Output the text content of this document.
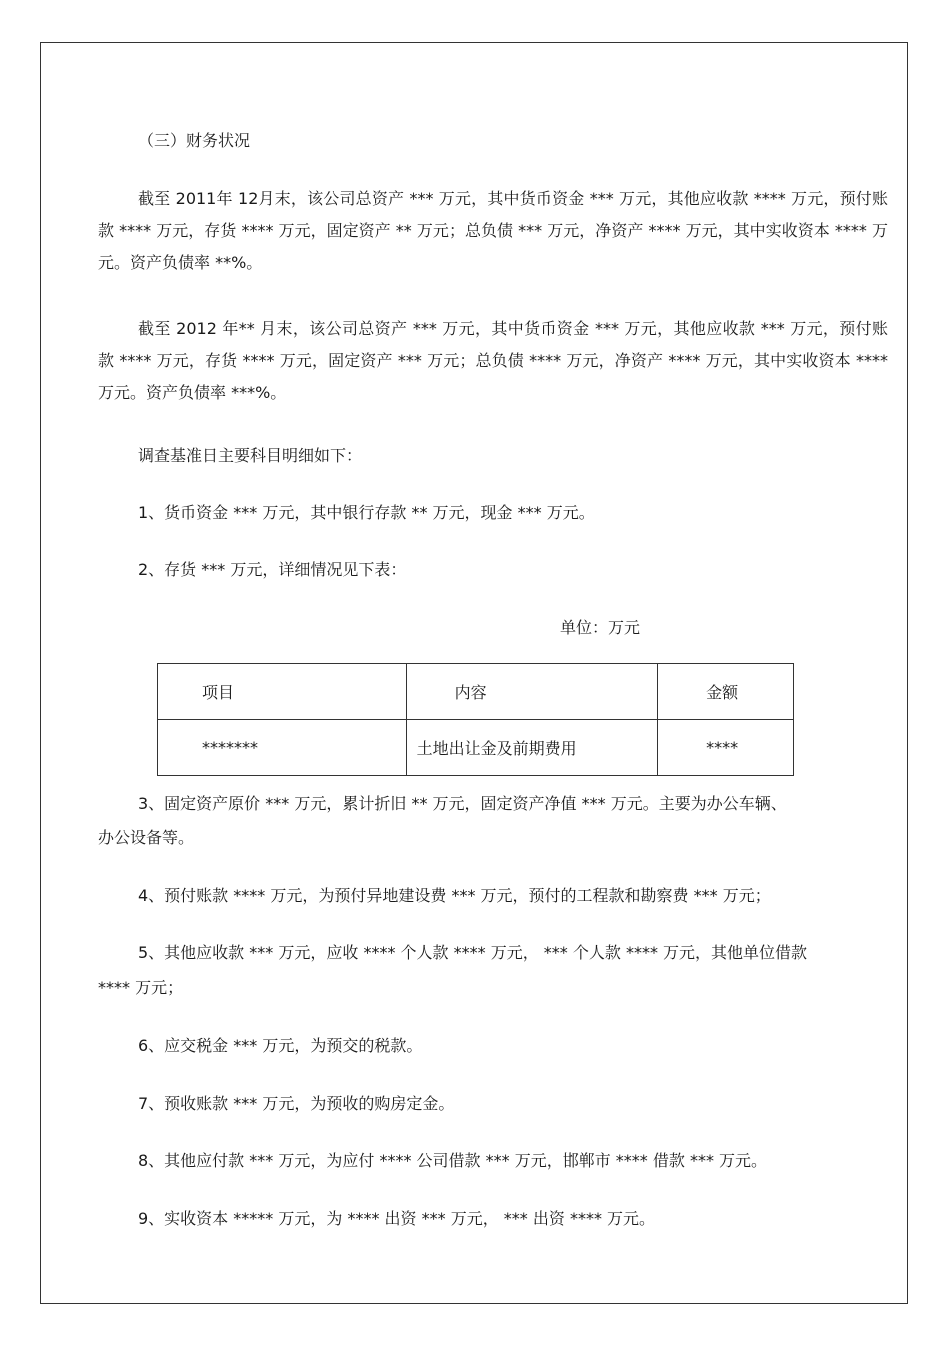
（三）财务状况
截至 2011年 12月末，该公司总资产 *** 万元，其中货币资金 *** 万元，其他应收款 **** 万元，预付账款 **** 万元，存货 **** 万元，固定资产 ** 万元；总负债 *** 万元，净资产 **** 万元，其中实收资本 **** 万元。资产负债率 **%。
截至 2012 年** 月末，该公司总资产 *** 万元，其中货币资金 *** 万元，其他应收款 *** 万元，预付账款 **** 万元，存货 **** 万元，固定资产 *** 万元；总负债 **** 万元，净资产 **** 万元，其中实收资本 **** 万元。资产负债率 ***%。
调查基准日主要科目明细如下：
1、货币资金 *** 万元，其中银行存款 ** 万元，现金 *** 万元。
2、存货 *** 万元，详细情况见下表：
单位：万元
项目	内容	金额
*******	土地出让金及前期费用	****
3、固定资产原价 *** 万元，累计折旧 ** 万元，固定资产净值 *** 万元。主要为办公车辆、
办公设备等。
4、预付账款 **** 万元，为预付异地建设费 *** 万元，预付的工程款和勘察费 *** 万元；
5、其他应收款 *** 万元，应收 **** 个人款 **** 万元， *** 个人款 **** 万元，其他单位借款
**** 万元；
6、应交税金 *** 万元，为预交的税款。
7、预收账款 *** 万元，为预收的购房定金。
8、其他应付款 *** 万元，为应付 **** 公司借款 *** 万元，邯郸市 **** 借款 *** 万元。
9、实收资本 ***** 万元，为 **** 出资 *** 万元， *** 出资 **** 万元。
